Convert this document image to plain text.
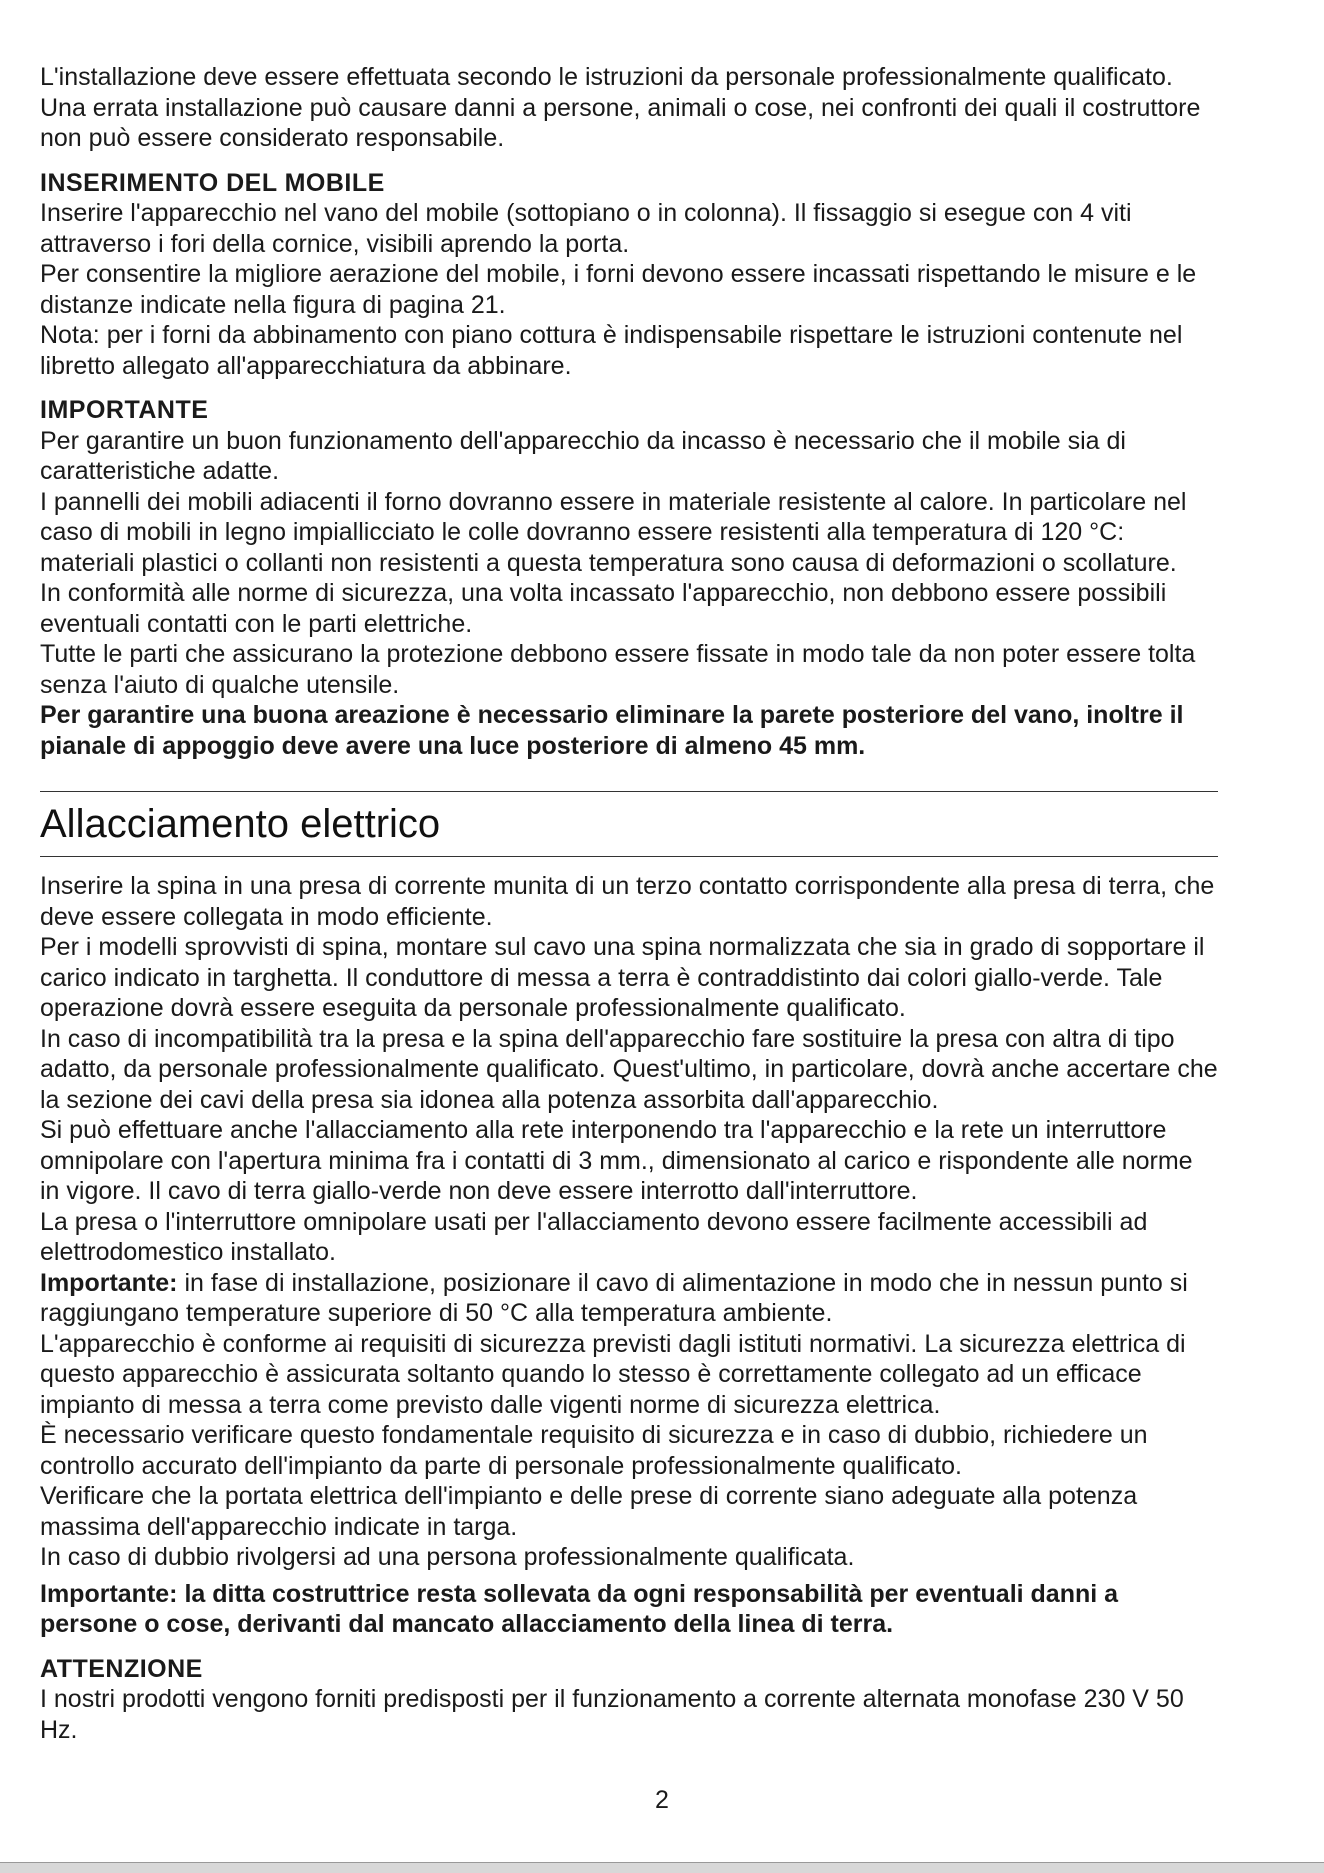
L'installazione deve essere effettuata secondo le istruzioni da personale professionalmente qualificato. Una errata installazione può causare danni a persone, animali o cose, nei confronti dei quali il costruttore non può essere considerato responsabile.

INSERIMENTO DEL MOBILE

Inserire l'apparecchio nel vano del mobile (sottopiano o in colonna). Il fissaggio si esegue con 4 viti attraverso i fori della cornice, visibili aprendo la porta.

Per consentire la migliore aerazione del mobile, i forni devono essere incassati rispettando le misure e le distanze indicate nella figura di pagina 21.

Nota: per i forni da abbinamento con piano cottura è indispensabile rispettare le istruzioni contenute nel libretto allegato all'apparecchiatura da abbinare.

IMPORTANTE

Per garantire un buon funzionamento dell'apparecchio da incasso è necessario che il mobile sia di caratteristiche adatte.

I pannelli dei mobili adiacenti il forno dovranno essere in materiale resistente al calore. In particolare nel caso di mobili in legno impiallicciato le colle dovranno essere resistenti alla temperatura di 120 °C: materiali plastici o collanti non resistenti a questa temperatura sono causa di deformazioni o scollature.

In conformità alle norme di sicurezza, una volta incassato l'apparecchio, non debbono essere possibili eventuali contatti con le parti elettriche.

Tutte le parti che assicurano la protezione debbono essere fissate in modo tale da non poter essere tolta senza l'aiuto di qualche utensile.

Per garantire una buona areazione è necessario eliminare la parete posteriore del vano, inoltre il pianale di appoggio deve avere una luce posteriore di almeno 45 mm.

Allacciamento elettrico

Inserire la spina in una presa di corrente munita di un terzo contatto corrispondente alla presa di terra, che deve essere collegata in modo efficiente.

Per i modelli sprovvisti di spina, montare sul cavo una spina normalizzata che sia in grado di sopportare il carico indicato in targhetta. Il conduttore di messa a terra è contraddistinto dai colori giallo-verde. Tale operazione dovrà essere eseguita da personale professionalmente qualificato.

In caso di incompatibilità tra la presa e la spina dell'apparecchio fare sostituire la presa con altra di tipo adatto, da personale professionalmente qualificato. Quest'ultimo, in particolare, dovrà anche accertare che la sezione dei cavi della presa sia idonea alla potenza assorbita dall'apparecchio.

Si può effettuare anche l'allacciamento alla rete interponendo tra l'apparecchio e la rete un interruttore omnipolare con l'apertura minima fra i contatti di 3 mm., dimensionato al carico e rispondente alle norme in vigore. Il cavo di terra giallo-verde non deve essere interrotto dall'interruttore.

La presa o l'interruttore omnipolare usati per l'allacciamento devono essere facilmente accessibili ad elettrodomestico installato.

Importante: in fase di installazione, posizionare il cavo di alimentazione in modo che in nessun punto si raggiungano temperature superiore di 50 °C alla temperatura ambiente.

L'apparecchio è conforme ai requisiti di sicurezza previsti dagli istituti normativi. La sicurezza elettrica di questo apparecchio è assicurata soltanto quando lo stesso è correttamente collegato ad un efficace impianto di messa a terra come previsto dalle vigenti norme di sicurezza elettrica.

È necessario verificare questo fondamentale requisito di sicurezza e in caso di dubbio, richiedere un controllo accurato dell'impianto da parte di personale professionalmente qualificato.

Verificare che la portata elettrica dell'impianto e delle prese di corrente siano adeguate alla potenza massima dell'apparecchio indicate in targa.

In caso di dubbio rivolgersi ad una persona professionalmente qualificata.

Importante: la ditta costruttrice resta sollevata da ogni responsabilità per eventuali danni a persone o cose, derivanti dal mancato allacciamento della linea di terra.

ATTENZIONE

I nostri prodotti vengono forniti predisposti per il funzionamento a corrente alternata monofase 230 V 50 Hz.

2
